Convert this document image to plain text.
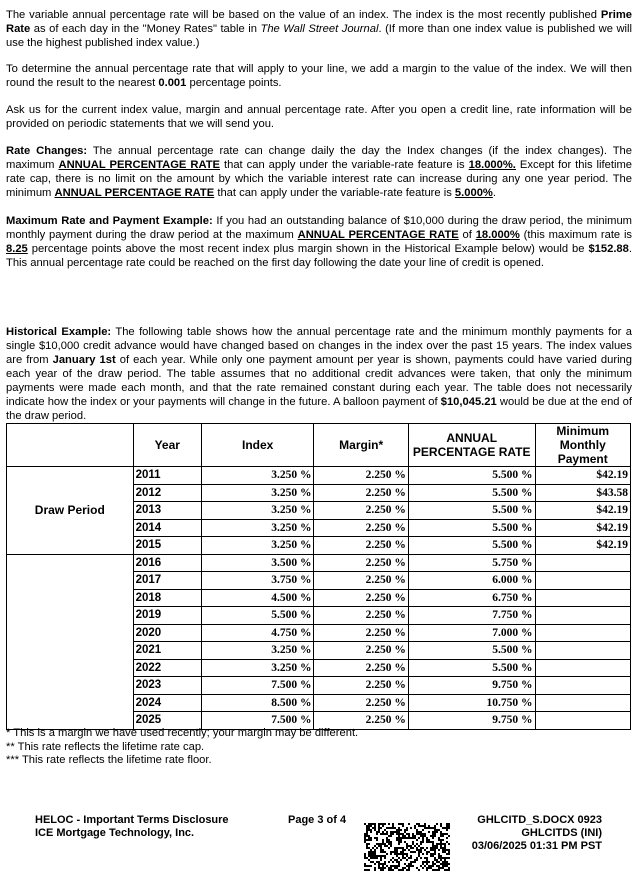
The variable annual percentage rate will be based on the value of an index. The index is the most recently published Prime Rate as of each day in the "Money Rates" table in The Wall Street Journal. (If more than one index value is published we will use the highest published index value.)
To determine the annual percentage rate that will apply to your line, we add a margin to the value of the index. We will then round the result to the nearest 0.001 percentage points.
Ask us for the current index value, margin and annual percentage rate. After you open a credit line, rate information will be provided on periodic statements that we will send you.
Rate Changes: The annual percentage rate can change daily the day the Index changes (if the index changes). The maximum ANNUAL PERCENTAGE RATE that can apply under the variable-rate feature is 18.000%. Except for this lifetime rate cap, there is no limit on the amount by which the variable interest rate can increase during any one year period. The minimum ANNUAL PERCENTAGE RATE that can apply under the variable-rate feature is 5.000%.
Maximum Rate and Payment Example: If you had an outstanding balance of $10,000 during the draw period, the minimum monthly payment during the draw period at the maximum ANNUAL PERCENTAGE RATE of 18.000% (this maximum rate is 8.25 percentage points above the most recent index plus margin shown in the Historical Example below) would be $152.88. This annual percentage rate could be reached on the first day following the date your line of credit is opened.
Historical Example: The following table shows how the annual percentage rate and the minimum monthly payments for a single $10,000 credit advance would have changed based on changes in the index over the past 15 years. The index values are from January 1st of each year. While only one payment amount per year is shown, payments could have varied during each year of the draw period. The table assumes that no additional credit advances were taken, that only the minimum payments were made each month, and that the rate remained constant during each year. The table does not necessarily indicate how the index or your payments will change in the future. A balloon payment of $10,045.21 would be due at the end of the draw period.
	Year	Index	Margin*	ANNUAL PERCENTAGE RATE	Minimum Monthly Payment
Draw Period	2011	3.250 %	2.250 %	5.500 %	$42.19
	2012	3.250 %	2.250 %	5.500 %	$43.58
	2013	3.250 %	2.250 %	5.500 %	$42.19
	2014	3.250 %	2.250 %	5.500 %	$42.19
	2015	3.250 %	2.250 %	5.500 %	$42.19
	2016	3.500 %	2.250 %	5.750 %	
	2017	3.750 %	2.250 %	6.000 %	
	2018	4.500 %	2.250 %	6.750 %	
	2019	5.500 %	2.250 %	7.750 %	
	2020	4.750 %	2.250 %	7.000 %	
	2021	3.250 %	2.250 %	5.500 %	
	2022	3.250 %	2.250 %	5.500 %	
	2023	7.500 %	2.250 %	9.750 %	
	2024	8.500 %	2.250 %	10.750 %	
	2025	7.500 %	2.250 %	9.750 %	
* This is a margin we have used recently; your margin may be different.
** This rate reflects the lifetime rate cap.
*** This rate reflects the lifetime rate floor.
HELOC - Important Terms Disclosure
ICE Mortgage Technology, Inc.
Page 3 of 4	GHLCITD_S.DOCX 0923
GHLCITDS (INI)
03/06/2025 01:31 PM PST
